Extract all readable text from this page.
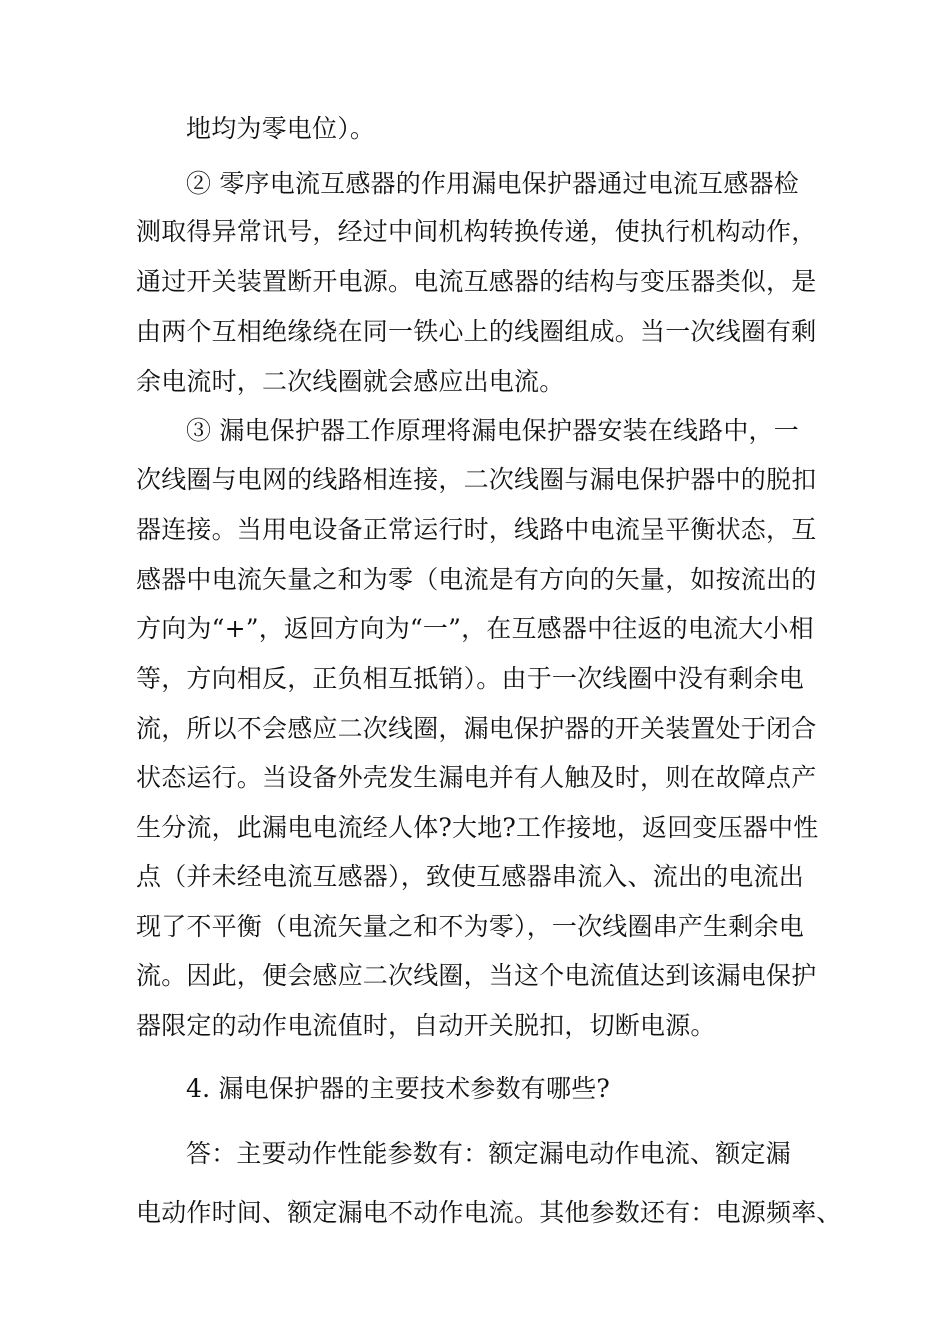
地均为零电位）。
② 零序电流互感器的作用漏电保护器通过电流互感器检
测取得异常讯号，经过中间机构转换传递，使执行机构动作，
通过开关装置断开电源。电流互感器的结构与变压器类似，是
由两个互相绝缘绕在同一铁心上的线圈组成。当一次线圈有剩
余电流时，二次线圈就会感应出电流。
③ 漏电保护器工作原理将漏电保护器安装在线路中，一
次线圈与电网的线路相连接，二次线圈与漏电保护器中的脱扣
器连接。当用电设备正常运行时，线路中电流呈平衡状态，互
感器中电流矢量之和为零（电流是有方向的矢量，如按流出的
方向为“+”，返回方向为“一”，在互感器中往返的电流大小相
等，方向相反，正负相互抵销）。由于一次线圈中没有剩余电
流，所以不会感应二次线圈，漏电保护器的开关装置处于闭合
状态运行。当设备外壳发生漏电并有人触及时，则在故障点产
生分流，此漏电电流经人体?大地?工作接地，返回变压器中性
点（并未经电流互感器），致使互感器串流入、流出的电流出
现了不平衡（电流矢量之和不为零），一次线圈串产生剩余电
流。因此，便会感应二次线圈，当这个电流值达到该漏电保护
器限定的动作电流值时，自动开关脱扣，切断电源。
4. 漏电保护器的主要技术参数有哪些?
答：主要动作性能参数有：额定漏电动作电流、额定漏
电动作时间、额定漏电不动作电流。其他参数还有：电源频率、
